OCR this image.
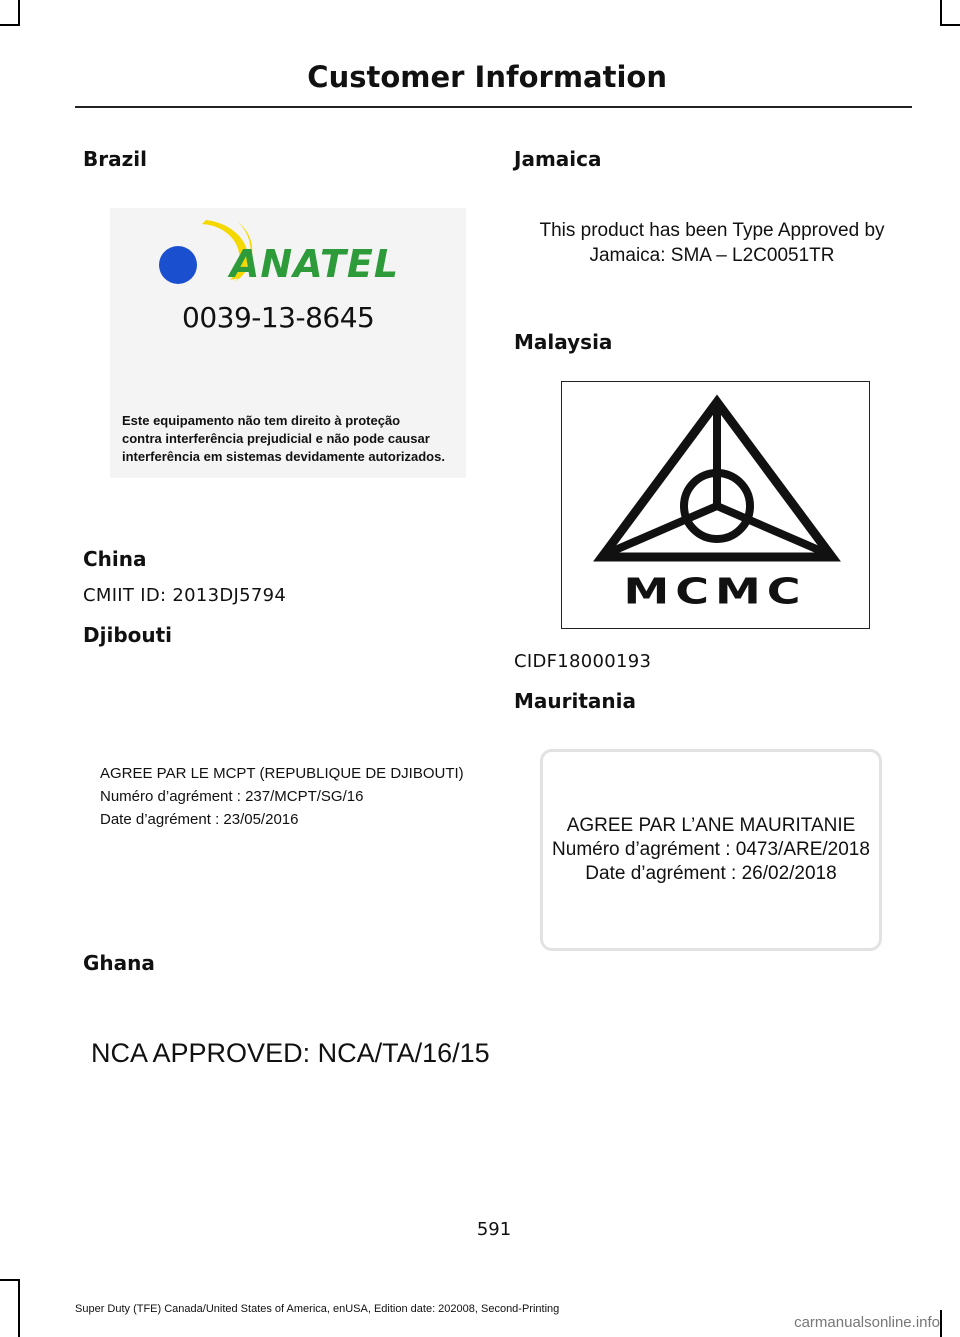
Customer Information
Brazil
ANATEL
0039-13-8645
Este equipamento não tem direito à proteção
contra interferência prejudicial e não pode causar
interferência em sistemas devidamente autorizados.
China
CMIIT ID: 2013DJ5794
Djibouti
AGREE PAR LE MCPT (REPUBLIQUE DE DJIBOUTI)
Numéro d’agrément : 237/MCPT/SG/16
Date d’agrément : 23/05/2016
Ghana
NCA APPROVED: NCA/TA/16/15
Jamaica
This product has been Type Approved by
Jamaica: SMA – L2C0051TR
Malaysia
MCMC
CIDF18000193
Mauritania
AGREE PAR L’ANE MAURITANIE
Numéro d’agrément : 0473/ARE/2018
Date d’agrément : 26/02/2018
591
Super Duty (TFE) Canada/United States of America, enUSA, Edition date: 202008, Second-Printing
carmanualsonline.info
